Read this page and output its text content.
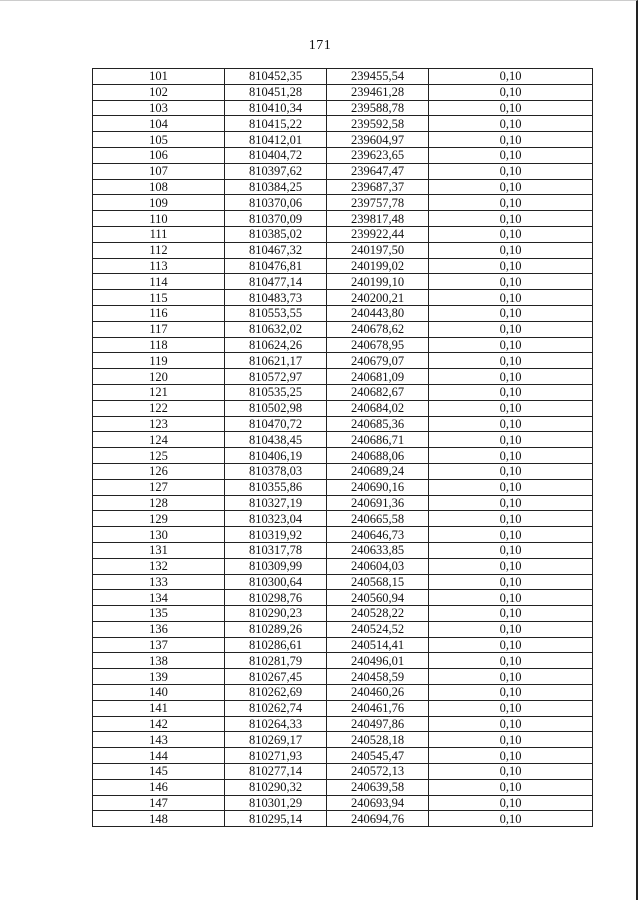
171
101	810452,35	239455,54	0,10
102	810451,28	239461,28	0,10
103	810410,34	239588,78	0,10
104	810415,22	239592,58	0,10
105	810412,01	239604,97	0,10
106	810404,72	239623,65	0,10
107	810397,62	239647,47	0,10
108	810384,25	239687,37	0,10
109	810370,06	239757,78	0,10
110	810370,09	239817,48	0,10
111	810385,02	239922,44	0,10
112	810467,32	240197,50	0,10
113	810476,81	240199,02	0,10
114	810477,14	240199,10	0,10
115	810483,73	240200,21	0,10
116	810553,55	240443,80	0,10
117	810632,02	240678,62	0,10
118	810624,26	240678,95	0,10
119	810621,17	240679,07	0,10
120	810572,97	240681,09	0,10
121	810535,25	240682,67	0,10
122	810502,98	240684,02	0,10
123	810470,72	240685,36	0,10
124	810438,45	240686,71	0,10
125	810406,19	240688,06	0,10
126	810378,03	240689,24	0,10
127	810355,86	240690,16	0,10
128	810327,19	240691,36	0,10
129	810323,04	240665,58	0,10
130	810319,92	240646,73	0,10
131	810317,78	240633,85	0,10
132	810309,99	240604,03	0,10
133	810300,64	240568,15	0,10
134	810298,76	240560,94	0,10
135	810290,23	240528,22	0,10
136	810289,26	240524,52	0,10
137	810286,61	240514,41	0,10
138	810281,79	240496,01	0,10
139	810267,45	240458,59	0,10
140	810262,69	240460,26	0,10
141	810262,74	240461,76	0,10
142	810264,33	240497,86	0,10
143	810269,17	240528,18	0,10
144	810271,93	240545,47	0,10
145	810277,14	240572,13	0,10
146	810290,32	240639,58	0,10
147	810301,29	240693,94	0,10
148	810295,14	240694,76	0,10
